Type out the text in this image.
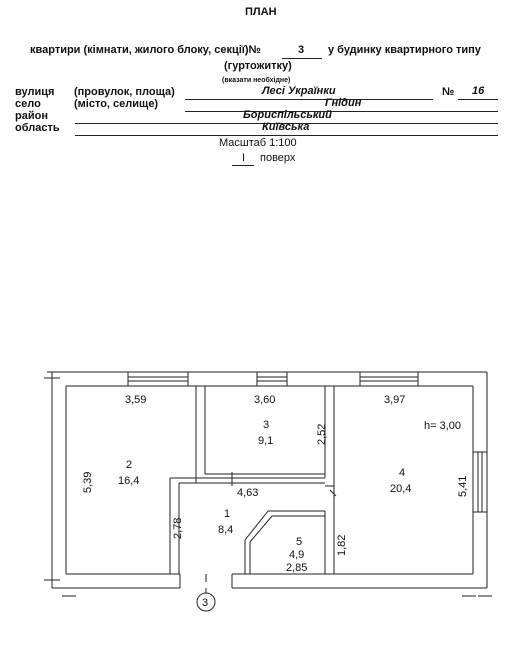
ПЛАН
квартири (кімнати, жилого блоку, секції)№	3 у будинку квартирного типу
(гуртожитку)
(вказати необхідне)
вулиця (провулок, площа)	Лесі Українки	№ 16
село	(місто, селище)	Гнідин
район	Бориспільський
область	Київська
Масштаб 1:100
I поверх
2
16,4
3
9,1
4
20,4
1
8,4
5
4,9
3,59	3,60	3,97
h= 3,00
4,63
2,85
5,39
2,52
5,41
2,78
1,82
3
